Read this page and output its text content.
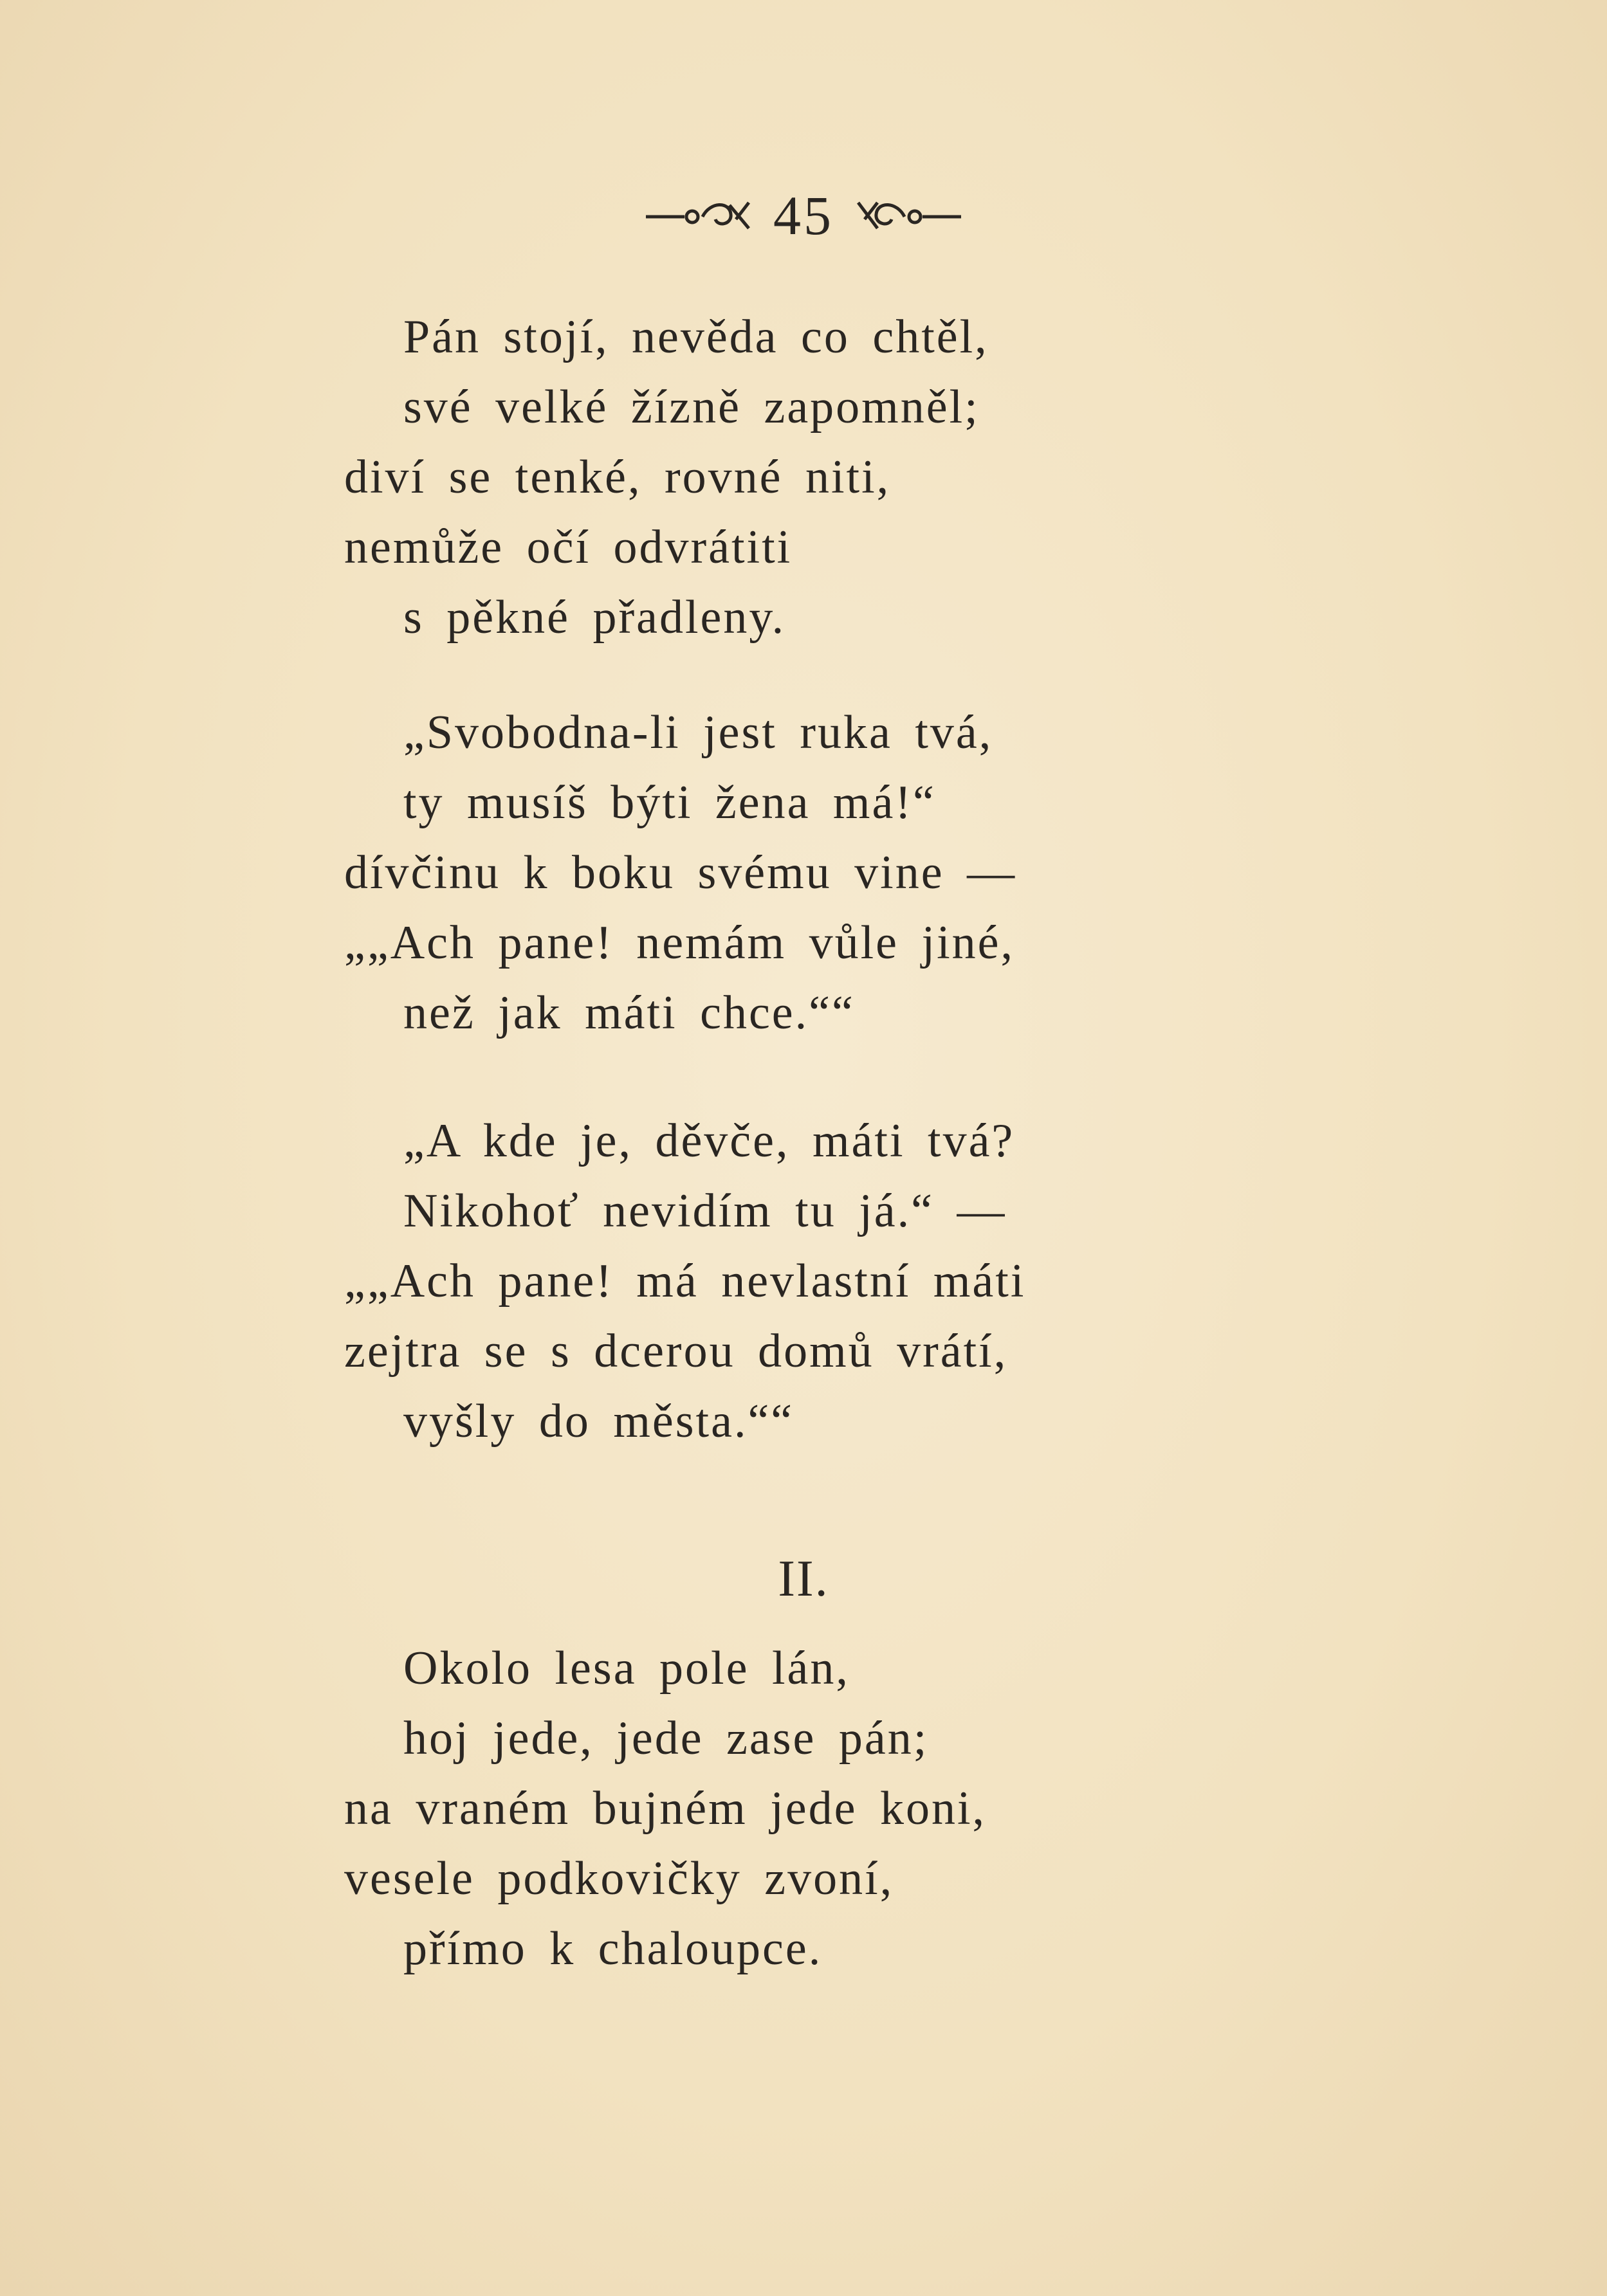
45
Pán stojí, nevěda co chtěl,
své velké žízně zapomněl;
diví se tenké, rovné niti,
nemůže očí odvrátiti
s pěkné přadleny.
„Svobodna-li jest ruka tvá,
ty musíš býti žena má!“
dívčinu k boku svému vine —
„„Ach pane! nemám vůle jiné,
než jak máti chce.““
„A kde je, děvče, máti tvá?
Nikohoť nevidím tu já.“ —
„„Ach pane! má nevlastní máti
zejtra se s dcerou domů vrátí,
vyšly do města.““
II.
Okolo lesa pole lán,
hoj jede, jede zase pán;
na vraném bujném jede koni,
vesele podkovičky zvoní,
přímo k chaloupce.
